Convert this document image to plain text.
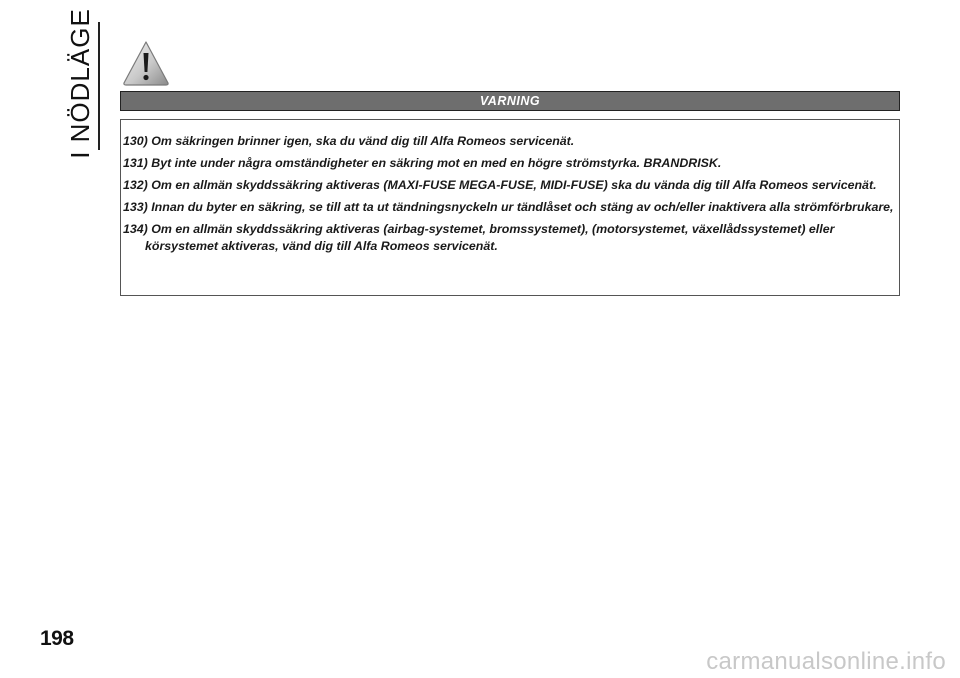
I NÖDLÄGE	VARNING
130) Om säkringen brinner igen, ska du vänd dig till Alfa Romeos servicenät.
131) Byt inte under några omständigheter en säkring mot en med en högre strömstyrka. BRANDRISK.
132) Om en allmän skyddssäkring aktiveras (MAXI-FUSE MEGA-FUSE, MIDI-FUSE) ska du vända dig till Alfa Romeos servicenät.
133) Innan du byter en säkring, se till att ta ut tändningsnyckeln ur tändlåset och stäng av och/eller inaktivera alla strömförbrukare,
134) Om en allmän skyddssäkring aktiveras (airbag-systemet, bromssystemet), (motorsystemet, växellådssystemet) eller körsystemet aktiveras, vänd dig till Alfa Romeos servicenät.
198
carmanualsonline.info
